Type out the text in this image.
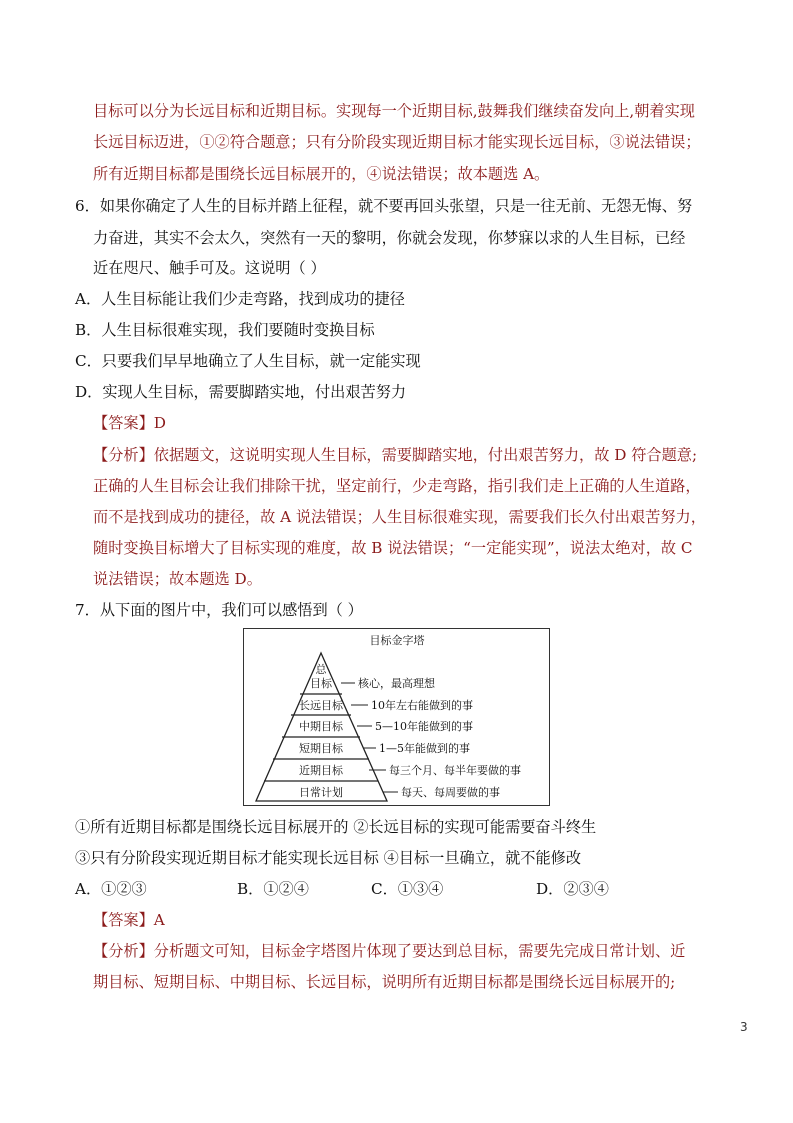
目标可以分为长远目标和近期目标。实现每一个近期目标,鼓舞我们继续奋发向上,朝着实现
长远目标迈进，①②符合题意；只有分阶段实现近期目标才能实现长远目标，③说法错误；
所有近期目标都是围绕长远目标展开的，④说法错误；故本题选 A。
6．如果你确定了人生的目标并踏上征程，就不要再回头张望，只是一往无前、无怨无悔、努
力奋进，其实不会太久，突然有一天的黎明，你就会发现，你梦寐以求的人生目标，已经
近在咫尺、触手可及。这说明（ ）
A．人生目标能让我们少走弯路，找到成功的捷径
B．人生目标很难实现，我们要随时变换目标
C．只要我们早早地确立了人生目标，就一定能实现
D．实现人生目标，需要脚踏实地，付出艰苦努力
【答案】D
【分析】依据题文，这说明实现人生目标，需要脚踏实地，付出艰苦努力，故 D 符合题意;
正确的人生目标会让我们排除干扰，坚定前行，少走弯路，指引我们走上正确的人生道路，
而不是找到成功的捷径，故 A 说法错误；人生目标很难实现，需要我们长久付出艰苦努力，
随时变换目标增大了目标实现的难度，故 B 说法错误；“一定能实现”，说法太绝对，故 C
说法错误；故本题选 D。
7．从下面的图片中，我们可以感悟到（ ）
目标金字塔
总
目标
长远目标
中期目标
短期目标
近期目标
日常计划
核心，最高理想
10年左右能做到的事
5—10年能做到的事
1—5年能做到的事
每三个月、每半年要做的事
每天、每周要做的事
①所有近期目标都是围绕长远目标展开的 ②长远目标的实现可能需要奋斗终生
③只有分阶段实现近期目标才能实现长远目标 ④目标一旦确立，就不能修改
A．①②③	B．①②④	C．①③④	D．②③④
【答案】A
【分析】分析题文可知，目标金字塔图片体现了要达到总目标，需要先完成日常计划、近
期目标、短期目标、中期目标、长远目标，说明所有近期目标都是围绕长远目标展开的;
3
